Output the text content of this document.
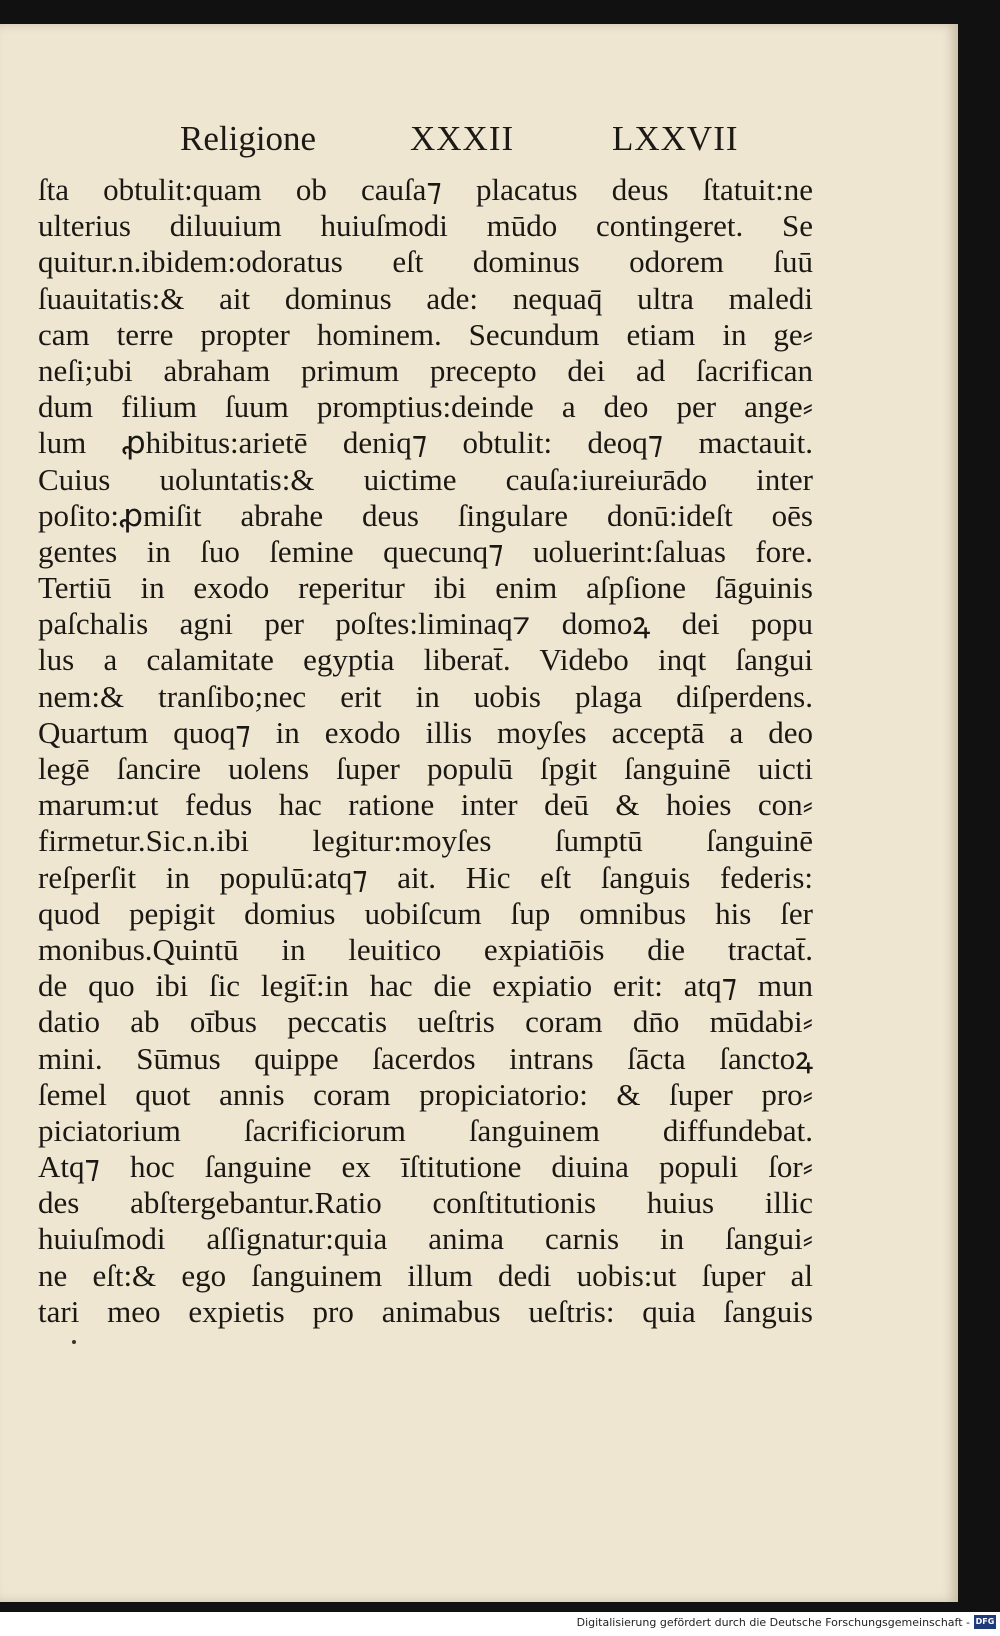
Religione	XXXII	LXXVII
ſta obtulit:quam ob cauſa⁊ placatus deus ſtatuit:ne
ulterius diluuium huiuſmodi mūdo contingeret. Se
quitur.n.ibidem:odoratus eſt dominus odorem ſuū
ſuauitatis:& ait dominus ade: nequaq̄ ultra maledi
cam terre propter hominem. Secundum etiam in ge⸗
neſi;ubi abraham primum precepto dei ad ſacrifican
dum filium ſuum promptius:deinde a deo per ange⸗
lum ꝓhibitus:arietē deniq⁊ obtulit: deoq⁊ mactauit.
Cuius uoluntatis:& uictime cauſa:iureiurādo inter
poſito:ꝓmiſit abrahe deus ſingulare donū:ideſt oēs
gentes in ſuo ſemine quecunq⁊ uoluerint:ſaluas fore.
Tertiū in exodo reperitur ibi enim aſpſione ſāguinis
paſchalis agni per poſtes:liminaq⁊ domoꝝ dei popu
lus a calamitate egyptia liberat̄. Videbo inqt ſangui
nem:& tranſibo;nec erit in uobis plaga diſperdens.
Quartum quoq⁊ in exodo illis moyſes acceptā a deo
legē ſancire uolens ſuper populū ſpgit ſanguinē uicti
marum:ut fedus hac ratione inter deū & hoies con⸗
firmetur.Sic.n.ibi legitur:moyſes ſumptū ſanguinē
reſperſit in populū:atq⁊ ait. Hic eſt ſanguis federis:
quod pepigit domius uobiſcum ſup omnibus his ſer
monibus.Quintū in leuitico expiatiōis die tractat̄.
de quo ibi ſic legit̄:in hac die expiatio erit: atq⁊ mun
datio ab oībus peccatis ueſtris coram dn̄o mūdabi⸗
mini. Sūmus quippe ſacerdos intrans ſācta ſanctoꝝ
ſemel quot annis coram propiciatorio: & ſuper pro⸗
piciatorium ſacrificiorum ſanguinem diffundebat.
Atq⁊ hoc ſanguine ex īſtitutione diuina populi ſor⸗
des abſtergebantur.Ratio conſtitutionis huius illic
huiuſmodi aſſignatur:quia anima carnis in ſangui⸗
ne eſt:& ego ſanguinem illum dedi uobis:ut ſuper al
tari meo expietis pro animabus ueſtris: quia ſanguis
Digitalisierung gefördert durch die Deutsche Forschungsgemeinschaft - DFG
